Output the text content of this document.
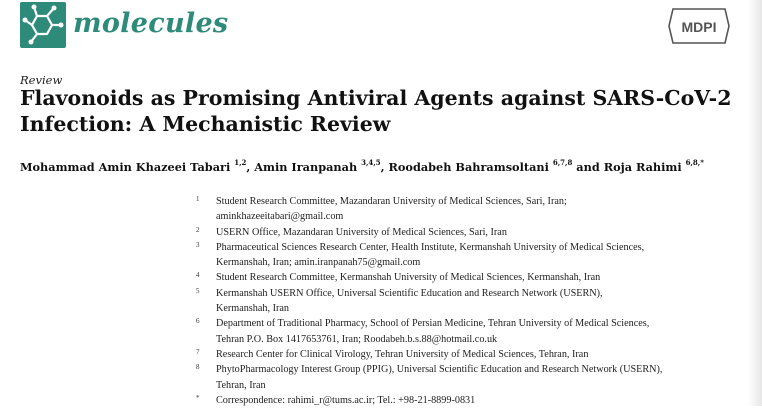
molecules	MDPI
Review
Flavonoids as Promising Antiviral Agents against SARS-CoV-2
Infection: A Mechanistic Review
Mohammad Amin Khazeei Tabari $^{1,2}$, Amin Iranpanah $^{3,4,5}$, Roodabeh Bahramsoltani $^{6,7,8}$ and Roja Rahimi $^{6,8,*}$
1 Student Research Committee, Mazandaran University of Medical Sciences, Sari, Iran;
aminkhazeeitabari@gmail.com
2 USERN Office, Mazandaran University of Medical Sciences, Sari, Iran
3 Pharmaceutical Sciences Research Center, Health Institute, Kermanshah University of Medical Sciences,
Kermanshah, Iran; amin.iranpanah75@gmail.com
4 Student Research Committee, Kermanshah University of Medical Sciences, Kermanshah, Iran
5 Kermanshah USERN Office, Universal Scientific Education and Research Network (USERN),
Kermanshah, Iran
6 Department of Traditional Pharmacy, School of Persian Medicine, Tehran University of Medical Sciences,
Tehran P.O. Box 1417653761, Iran; Roodabeh.b.s.88@hotmail.co.uk
7 Research Center for Clinical Virology, Tehran University of Medical Sciences, Tehran, Iran
8 PhytoPharmacology Interest Group (PPIG), Universal Scientific Education and Research Network (USERN),
Tehran, Iran
* Correspondence: rahimi_r@tums.ac.ir; Tel.: +98-21-8899-0831
